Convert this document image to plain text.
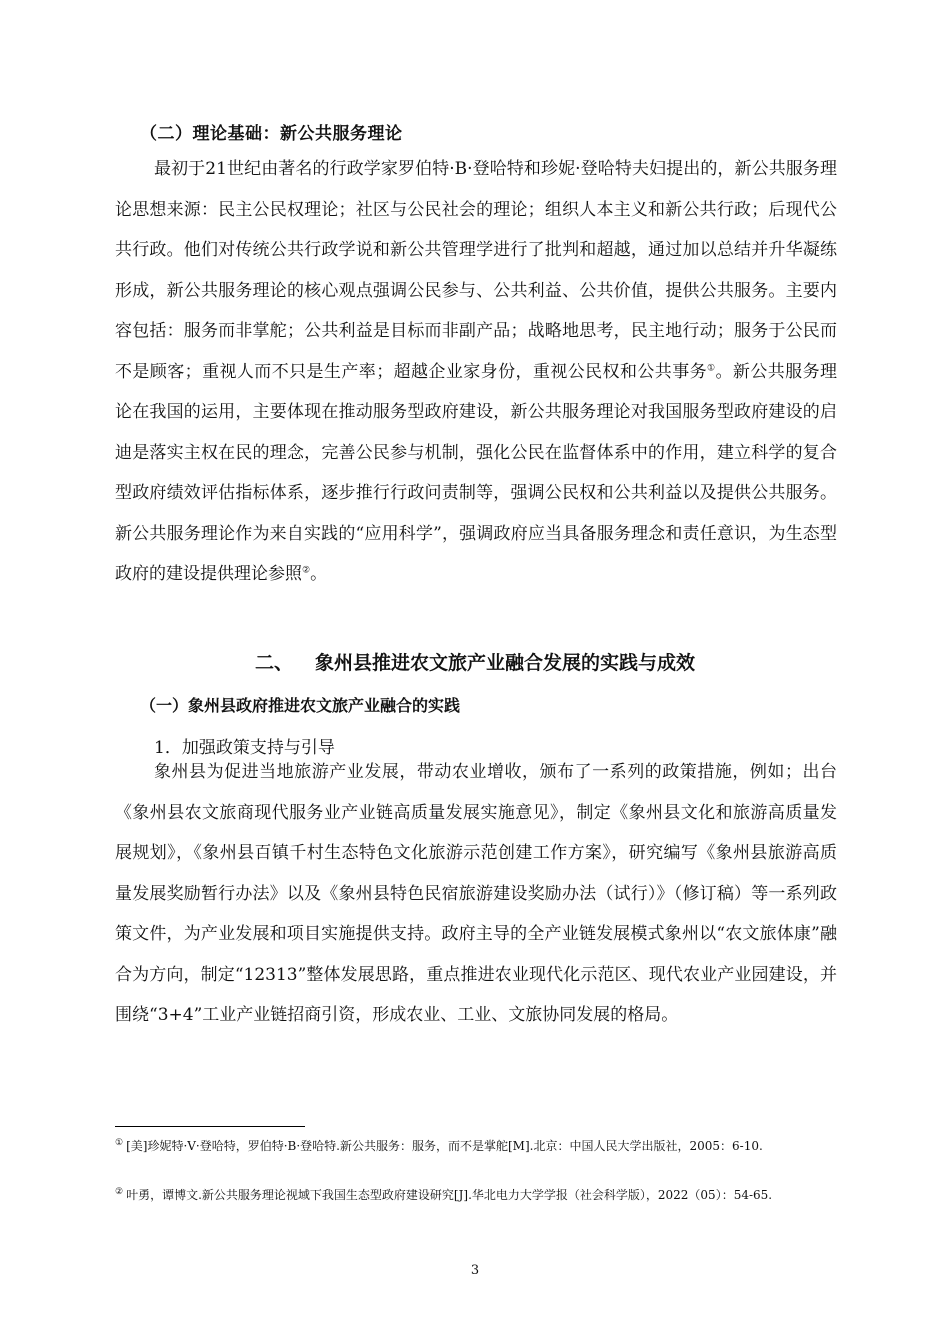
（二）理论基础：新公共服务理论

最初于21世纪由著名的行政学家罗伯特·B·登哈特和珍妮·登哈特夫妇提出的，新公共服务理论思想来源：民主公民权理论；社区与公民社会的理论；组织人本主义和新公共行政；后现代公共行政。他们对传统公共行政学说和新公共管理学进行了批判和超越，通过加以总结并升华凝练形成，新公共服务理论的核心观点强调公民参与、公共利益、公共价值，提供公共服务。主要内容包括：服务而非掌舵；公共利益是目标而非副产品；战略地思考，民主地行动；服务于公民而不是顾客；重视人而不只是生产率；超越企业家身份，重视公民权和公共事务①。新公共服务理论在我国的运用，主要体现在推动服务型政府建设，新公共服务理论对我国服务型政府建设的启迪是落实主权在民的理念，完善公民参与机制，强化公民在监督体系中的作用，建立科学的复合型政府绩效评估指标体系，逐步推行行政问责制等，强调公民权和公共利益以及提供公共服务。新公共服务理论作为来自实践的“应用科学”，强调政府应当具备服务理念和责任意识，为生态型政府的建设提供理论参照②。

二、 象州县推进农文旅产业融合发展的实践与成效
（一）象州县政府推进农文旅产业融合的实践
1．加强政策支持与引导

象州县为促进当地旅游产业发展，带动农业增收，颁布了一系列的政策措施，例如；出台《象州县农文旅商现代服务业产业链高质量发展实施意见》，制定《象州县文化和旅游高质量发展规划》，《象州县百镇千村生态特色文化旅游示范创建工作方案》，研究编写《象州县旅游高质量发展奖励暂行办法》以及《象州县特色民宿旅游建设奖励办法（试行）》（修订稿）等一系列政策文件，为产业发展和项目实施提供支持。政府主导的全产业链发展模式象州以“农文旅体康”融合为方向，制定“12313”整体发展思路，重点推进农业现代化示范区、现代农业产业园建设，并围绕“3+4”工业产业链招商引资，形成农业、工业、文旅协同发展的格局。

① [美]珍妮特·V·登哈特，罗伯特·B·登哈特.新公共服务：服务，而不是掌舵[M].北京：中国人民大学出版社，2005：6-10.

② 叶勇，谭博文.新公共服务理论视域下我国生态型政府建设研究[J].华北电力大学学报（社会科学版），2022（05）：54-65.

3
